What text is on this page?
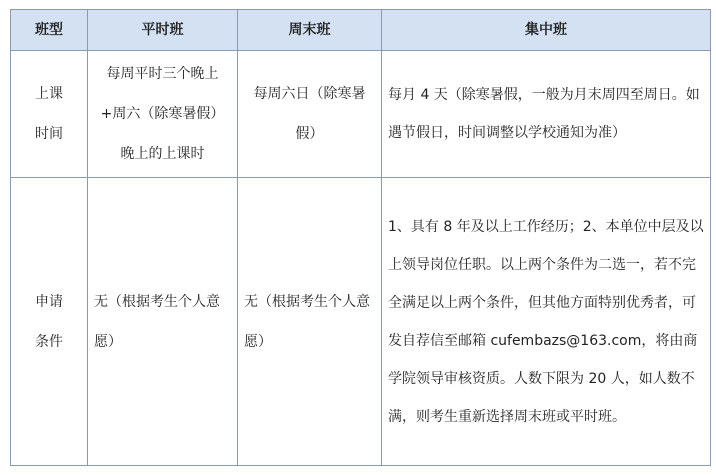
班型	平时班	周末班	集中班
上课
时间	每周平时三个晚上+周六（除寒暑假）晚上的上课时	每周六日（除寒暑假）	每月 4 天（除寒暑假，一般为月末周四至周日。如遇节假日，时间调整以学校通知为准）
申请
条件	无（根据考生个人意愿）	无（根据考生个人意愿）	1、具有 8 年及以上工作经历；2、本单位中层及以上领导岗位任职。以上两个条件为二选一，若不完全满足以上两个条件，但其他方面特别优秀者，可发自荐信至邮箱 cufembazs@163.com，将由商学院领导审核资质。人数下限为 20 人，如人数不满，则考生重新选择周末班或平时班。
